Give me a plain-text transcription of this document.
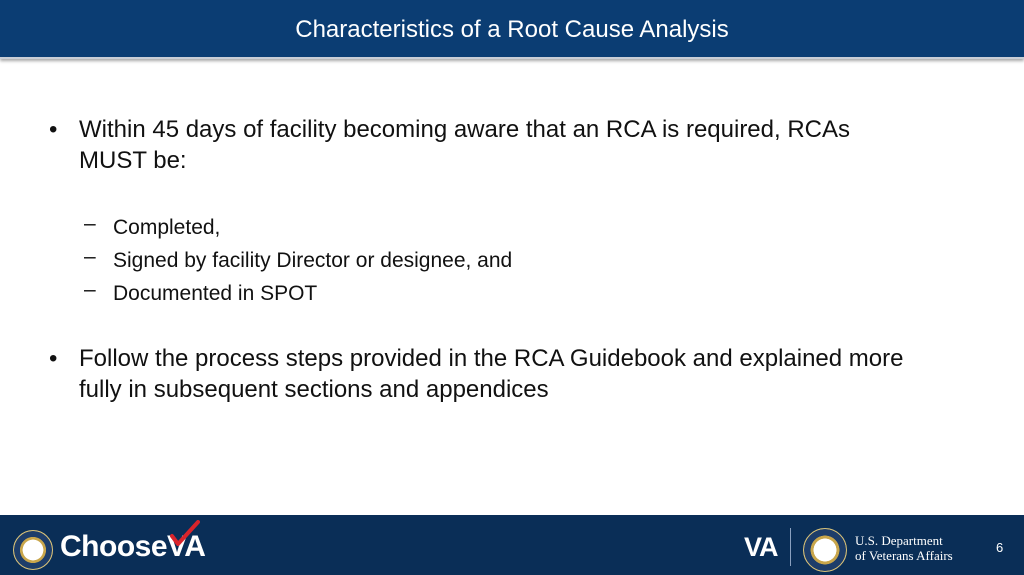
Characteristics of a Root Cause Analysis
• Within 45 days of facility becoming aware that an RCA is required, RCAs
MUST be:
– Completed,
– Signed by facility Director or designee, and
– Documented in SPOT
• Follow the process steps provided in the RCA Guidebook and explained more
fully in subsequent sections and appendices
ChooseVA	VA	U.S. Department
of Veterans Affairs
6
